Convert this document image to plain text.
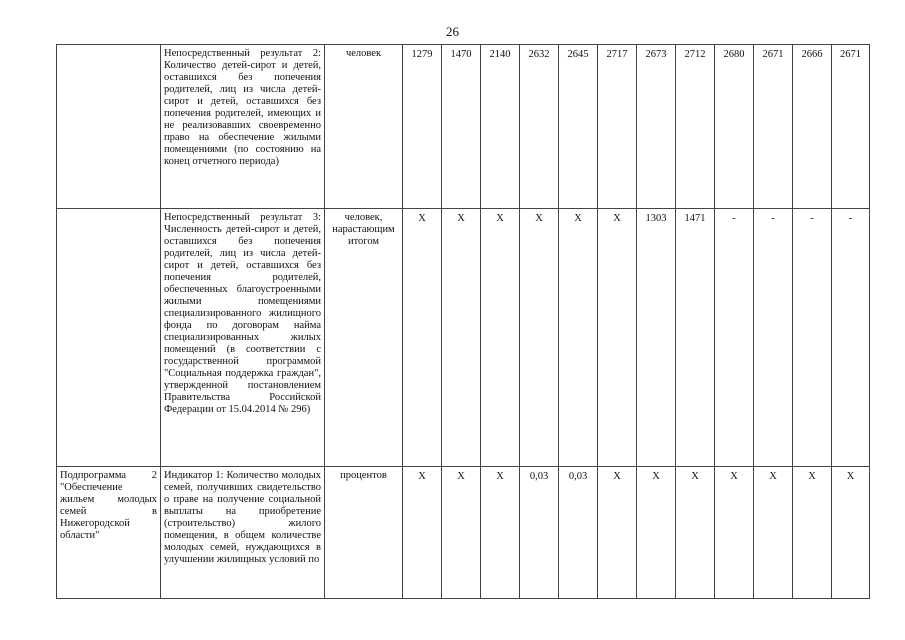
26
	Непосредственный результат 2: Количество детей-сирот и детей, оставшихся без попечения родителей, лиц из числа детей-сирот и детей, оставшихся без попечения родителей, имеющих и не реализовавших своевременно право на обеспечение жилыми помещениями (по состоянию на конец отчетного периода)	человек	1279	1470	2140	2632	2645	2717	2673	2712	2680	2671	2666	2671
	Непосредственный результат 3: Численность детей-сирот и детей, оставшихся без попечения родителей, лиц из числа детей-сирот и детей, оставшихся без попечения родителей, обеспеченных благоустроенными жилыми помещениями специализированного жилищного фонда по договорам найма специализированных жилых помещений (в соответствии с государственной программой "Социальная поддержка граждан", утвержденной постановлением Правительства Российской Федерации от 15.04.2014 № 296)	человек, нарастающим итогом	X	X	X	X	X	X	1303	1471	-	-	-	-
Подпрограмма 2 "Обеспечение жильем молодых семей в Нижегородской области"	Индикатор 1: Количество молодых семей, получивших свидетельство о праве на получение социальной выплаты на приобретение (строительство) жилого помещения, в общем количестве молодых семей, нуждающихся в улучшении жилищных условий по	процентов	X	X	X	0,03	0,03	X	X	X	X	X	X	X
